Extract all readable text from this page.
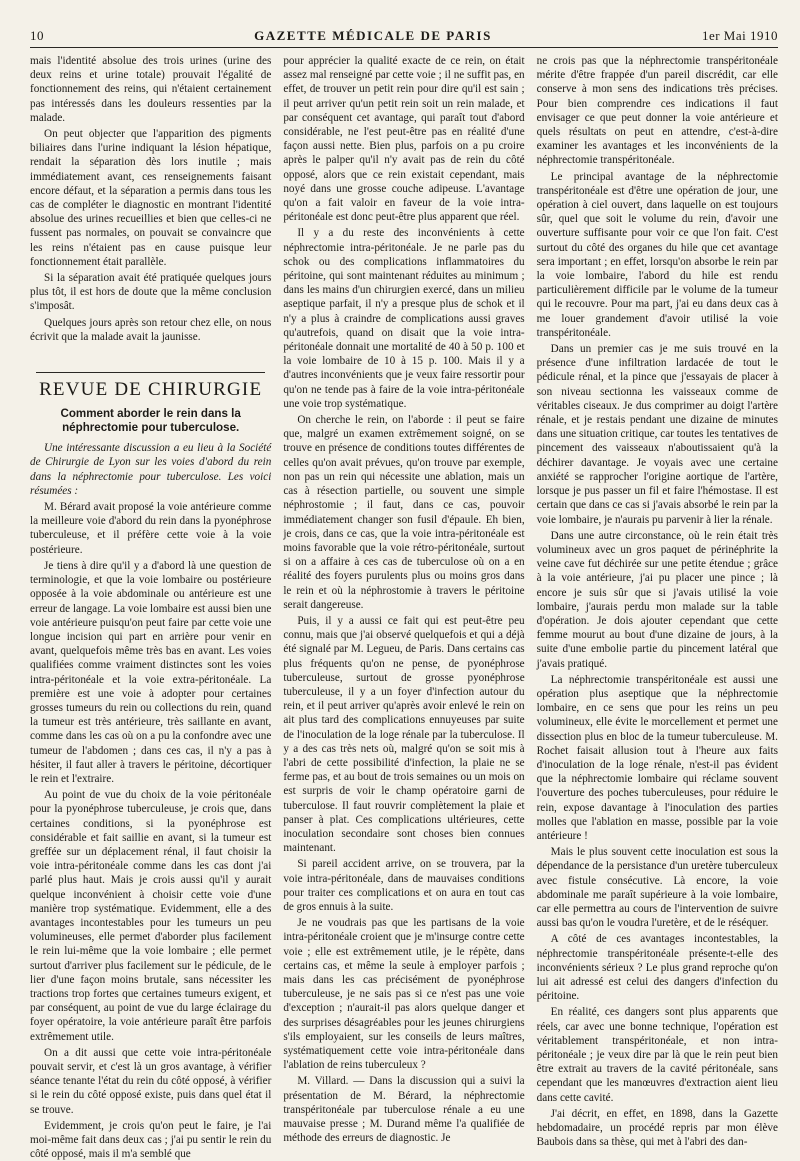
10	GAZETTE MÉDICALE DE PARIS	1er Mai 1910

mais l'identité absolue des trois urines (urine des deux reins et urine totale) prouvait l'égalité de fonctionnement des reins, qui n'étaient certainement pas intéressés dans les douleurs ressenties par la malade.

On peut objecter que l'apparition des pigments biliaires dans l'urine indiquant la lésion hépatique, rendait la séparation dès lors inutile ; mais immédiatement avant, ces renseignements faisant encore défaut, et la séparation a permis dans tous les cas de compléter le diagnostic en montrant l'identité absolue des urines recueillies et bien que celles-ci ne fussent pas normales, on pouvait se convaincre que les reins n'étaient pas en cause puisque leur fonctionnement était parallèle.

Si la séparation avait été pratiquée quelques jours plus tôt, il est hors de doute que la même conclusion s'imposât.

Quelques jours après son retour chez elle, on nous écrivit que la malade avait la jaunisse.

REVUE DE CHIRURGIE
Comment aborder le rein dans la néphrectomie pour tuberculose.

Une intéressante discussion a eu lieu à la Société de Chirurgie de Lyon sur les voies d'abord du rein dans la néphrectomie pour tuberculose. Les voici résumées :

M. Bérard avait proposé la voie antérieure comme la meilleure voie d'abord du rein dans la pyonéphrose tuberculeuse, et il préfère cette voie à la voie postérieure.

Je tiens à dire qu'il y a d'abord là une question de terminologie, et que la voie lombaire ou postérieure opposée à la voie abdominale ou antérieure est une erreur de langage. La voie lombaire est aussi bien une voie antérieure puisqu'on peut faire par cette voie une longue incision qui part en arrière pour venir en avant, quelquefois même très bas en avant. Les voies qualifiées comme vraiment distinctes sont les voies intra-péritonéale et la voie extra-péritonéale. La première est une voie à adopter pour certaines grosses tumeurs du rein ou collections du rein, quand la tumeur est très antérieure, très saillante en avant, comme dans les cas où on a pu la confondre avec une tumeur de l'abdomen ; dans ces cas, il n'y a pas à hésiter, il faut aller à travers le péritoine, décortiquer le rein et l'extraire.

Au point de vue du choix de la voie péritonéale pour la pyonéphrose tuberculeuse, je crois que, dans certaines conditions, si la pyonéphrose est considérable et fait saillie en avant, si la tumeur est greffée sur un déplacement rénal, il faut choisir la voie intra-péritonéale comme dans les cas dont j'ai parlé plus haut. Mais je crois aussi qu'il y aurait quelque inconvénient à choisir cette voie d'une manière trop systématique. Evidemment, elle a des avantages incontestables pour les tumeurs un peu volumineuses, elle permet d'aborder plus facilement le rein lui-même que la voie lombaire ; elle permet surtout d'arriver plus facilement sur le pédicule, de le lier d'une façon moins brutale, sans nécessiter les tractions trop fortes que certaines tumeurs exigent, et par conséquent, au point de vue du large éclairage du foyer opératoire, la voie antérieure paraît être parfois extrêmement utile.

On a dit aussi que cette voie intra-péritonéale pouvait servir, et c'est là un gros avantage, à vérifier séance tenante l'état du rein du côté opposé, à vérifier si le rein du côté opposé existe, puis dans quel état il se trouve.

Evidemment, je crois qu'on peut le faire, je l'ai moi-même fait dans deux cas ; j'ai pu sentir le rein du côté opposé, mais il m'a semblé que

pour apprécier la qualité exacte de ce rein, on était assez mal renseigné par cette voie ; il ne suffit pas, en effet, de trouver un petit rein pour dire qu'il est sain ; il peut arriver qu'un petit rein soit un rein malade, et par conséquent cet avantage, qui paraît tout d'abord considérable, ne l'est peut-être pas en réalité d'une façon aussi nette. Bien plus, parfois on a pu croire après le palper qu'il n'y avait pas de rein du côté opposé, alors que ce rein existait cependant, mais noyé dans une grosse couche adipeuse. L'avantage qu'on a fait valoir en faveur de la voie intra-péritonéale est donc peut-être plus apparent que réel.

Il y a du reste des inconvénients à cette néphrectomie intra-péritonéale. Je ne parle pas du schok ou des complications inflammatoires du péritoine, qui sont maintenant réduites au minimum ; dans les mains d'un chirurgien exercé, dans un milieu aseptique parfait, il n'y a presque plus de schok et il n'y a plus à craindre de complications aussi graves qu'autrefois, quand on disait que la voie intra-péritonéale donnait une mortalité de 40 à 50 p. 100 et la voie lombaire de 10 à 15 p. 100. Mais il y a d'autres inconvénients que je veux faire ressortir pour qu'on ne tende pas à faire de la voie intra-péritonéale une voie trop systématique.

On cherche le rein, on l'aborde : il peut se faire que, malgré un examen extrêmement soigné, on se trouve en présence de conditions toutes différentes de celles qu'on avait prévues, qu'on trouve par exemple, non pas un rein qui nécessite une ablation, mais un cas à résection partielle, ou souvent une simple néphrostomie ; il faut, dans ce cas, pouvoir immédiatement changer son fusil d'épaule. Eh bien, je crois, dans ce cas, que la voie intra-péritonéale est moins favorable que la voie rétro-péritonéale, surtout si on a affaire à ces cas de tuberculose où on a en réalité des foyers purulents plus ou moins gros dans le rein et où la néphrostomie à travers le péritoine serait dangereuse.

Puis, il y a aussi ce fait qui est peut-être peu connu, mais que j'ai observé quelquefois et qui a déjà été signalé par M. Legueu, de Paris. Dans certains cas plus fréquents qu'on ne pense, de pyonéphrose tuberculeuse, surtout de grosse pyonéphrose tuberculeuse, il y a un foyer d'infection autour du rein, et il peut arriver qu'après avoir enlevé le rein on ait plus tard des complications ennuyeuses par suite de l'inoculation de la loge rénale par la tuberculose. Il y a des cas très nets où, malgré qu'on se soit mis à l'abri de cette possibilité d'infection, la plaie ne se ferme pas, et au bout de trois semaines ou un mois on est surpris de voir le champ opératoire garni de tuberculose. Il faut rouvrir complètement la plaie et panser à plat. Ces complications ultérieures, cette inoculation secondaire sont choses bien connues maintenant.

Si pareil accident arrive, on se trouvera, par la voie intra-péritonéale, dans de mauvaises conditions pour traiter ces complications et on aura en tout cas de gros ennuis à la suite.

Je ne voudrais pas que les partisans de la voie intra-péritonéale croient que je m'insurge contre cette voie ; elle est extrêmement utile, je le répète, dans certains cas, et même la seule à employer parfois ; mais dans les cas précisément de pyonéphrose tuberculeuse, je ne sais pas si ce n'est pas une voie d'exception ; n'aurait-il pas alors quelque danger et des surprises désagréables pour les jeunes chirurgiens s'ils employaient, sur les conseils de leurs maîtres, systématiquement cette voie intra-péritonéale dans l'ablation de reins tuberculeux ?

M. Villard. — Dans la discussion qui a suivi la présentation de M. Bérard, la néphrectomie transpéritonéale par tuberculose rénale a eu une mauvaise presse ; M. Durand même l'a qualifiée de méthode des erreurs de diagnostic. Je

ne crois pas que la néphrectomie transpéritonéale mérite d'être frappée d'un pareil discrédit, car elle conserve à mon sens des indications très précises. Pour bien comprendre ces indications il faut envisager ce que peut donner la voie antérieure et quels résultats on peut en attendre, c'est-à-dire examiner les avantages et les inconvénients de la néphrectomie transpéritonéale.

Le principal avantage de la néphrectomie transpéritonéale est d'être une opération de jour, une opération à ciel ouvert, dans laquelle on est toujours sûr, quel que soit le volume du rein, d'avoir une ouverture suffisante pour voir ce que l'on fait. C'est surtout du côté des organes du hile que cet avantage sera important ; en effet, lorsqu'on absorbe le rein par la voie lombaire, l'abord du hile est rendu particulièrement difficile par le volume de la tumeur qui le recouvre. Pour ma part, j'ai eu dans deux cas à me louer grandement d'avoir utilisé la voie transpéritonéale.

Dans un premier cas je me suis trouvé en la présence d'une infiltration lardacée de tout le pédicule rénal, et la pince que j'essayais de placer à son niveau sectionna les vaisseaux comme de véritables ciseaux. Je dus comprimer au doigt l'artère rénale, et je restais pendant une dizaine de minutes dans une situation critique, car toutes les tentatives de pincement des vaisseaux n'aboutissaient qu'à la déchirer davantage. Je voyais avec une certaine anxiété se rapprocher l'origine aortique de l'artère, lorsque je pus passer un fil et faire l'hémostase. Il est certain que dans ce cas si j'avais absorbé le rein par la voie lombaire, je n'aurais pu parvenir à lier la rénale.

Dans une autre circonstance, où le rein était très volumineux avec un gros paquet de périnéphrite la veine cave fut déchirée sur une petite étendue ; grâce à la voie antérieure, j'ai pu placer une pince ; là encore je suis sûr que si j'avais utilisé la voie lombaire, j'aurais perdu mon malade sur la table d'opération. Je dois ajouter cependant que cette femme mourut au bout d'une dizaine de jours, à la suite d'une embolie partie du pincement latéral que j'avais pratiqué.

La néphrectomie transpéritonéale est aussi une opération plus aseptique que la néphrectomie lombaire, en ce sens que pour les reins un peu volumineux, elle évite le morcellement et permet une dissection plus en bloc de la tumeur tuberculeuse. M. Rochet faisait allusion tout à l'heure aux faits d'inoculation de la loge rénale, n'est-il pas évident que la néphrectomie lombaire qui réclame souvent l'ouverture des poches tuberculeuses, pour réduire le rein, expose davantage à l'inoculation des parties molles que l'ablation en masse, possible par la voie antérieure !

Mais le plus souvent cette inoculation est sous la dépendance de la persistance d'un uretère tuberculeux avec fistule consécutive. Là encore, la voie abdominale me paraît supérieure à la voie lombaire, car elle permettra au cours de l'intervention de suivre aussi bas qu'on le voudra l'uretère, et de le réséquer.

A côté de ces avantages incontestables, la néphrectomie transpéritonéale présente-t-elle des inconvénients sérieux ? Le plus grand reproche qu'on lui ait adressé est celui des dangers d'infection du péritoine.

En réalité, ces dangers sont plus apparents que réels, car avec une bonne technique, l'opération est véritablement transpéritonéale, et non intra-péritonéale ; je veux dire par là que le rein peut bien être extrait au travers de la cavité péritonéale, sans cependant que les manœuvres d'extraction aient lieu dans cette cavité.

J'ai décrit, en effet, en 1898, dans la Gazette hebdomadaire, un procédé repris par mon élève Baubois dans sa thèse, qui met à l'abri des dan-
